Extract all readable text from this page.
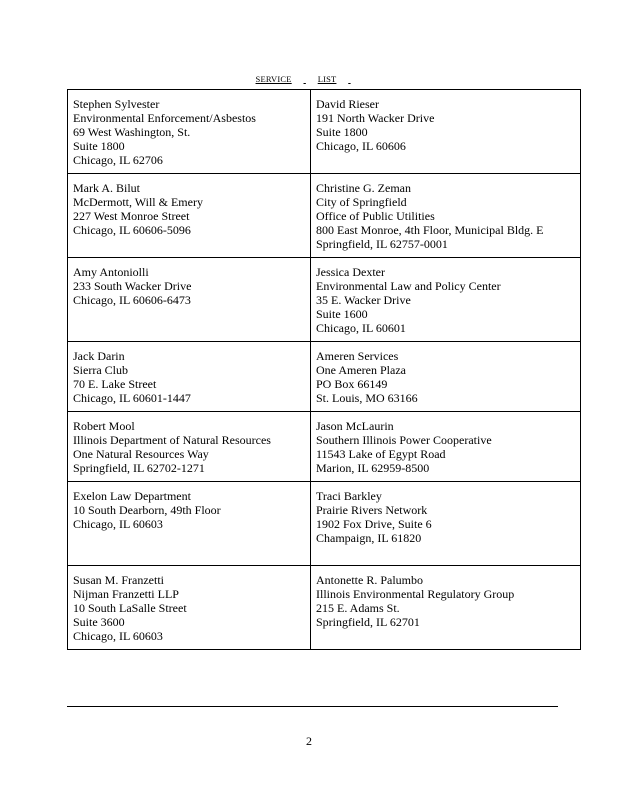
SERVICE	LIST
Stephen Sylvester
Environmental Enforcement/Asbestos
69 West Washington, St.
Suite 1800
Chicago, IL 62706	David Rieser
191 North Wacker Drive
Suite 1800
Chicago, IL 60606

Mark A. Bilut
McDermott, Will & Emery
227 West Monroe Street
Chicago, IL 60606-5096	Christine G. Zeman
City of Springfield
Office of Public Utilities
800 East Monroe, 4th Floor, Municipal Bldg. E
Springfield, IL 62757-0001

Amy Antoniolli
233 South Wacker Drive
Chicago, IL 60606-6473	Jessica Dexter
Environmental Law and Policy Center
35 E. Wacker Drive
Suite 1600
Chicago, IL 60601

Jack Darin
Sierra Club
70 E. Lake Street
Chicago, IL 60601-1447	Ameren Services
One Ameren Plaza
PO Box 66149
St. Louis, MO 63166

Robert Mool
Illinois Department of Natural Resources
One Natural Resources Way
Springfield, IL 62702-1271	Jason McLaurin
Southern Illinois Power Cooperative
11543 Lake of Egypt Road
Marion, IL 62959-8500

Exelon Law Department
10 South Dearborn, 49th Floor
Chicago, IL 60603	Traci Barkley
Prairie Rivers Network
1902 Fox Drive, Suite 6
Champaign, IL 61820

Susan M. Franzetti
Nijman Franzetti LLP
10 South LaSalle Street
Suite 3600
Chicago, IL 60603	Antonette R. Palumbo
Illinois Environmental Regulatory Group
215 E. Adams St.
Springfield, IL 62701
2
